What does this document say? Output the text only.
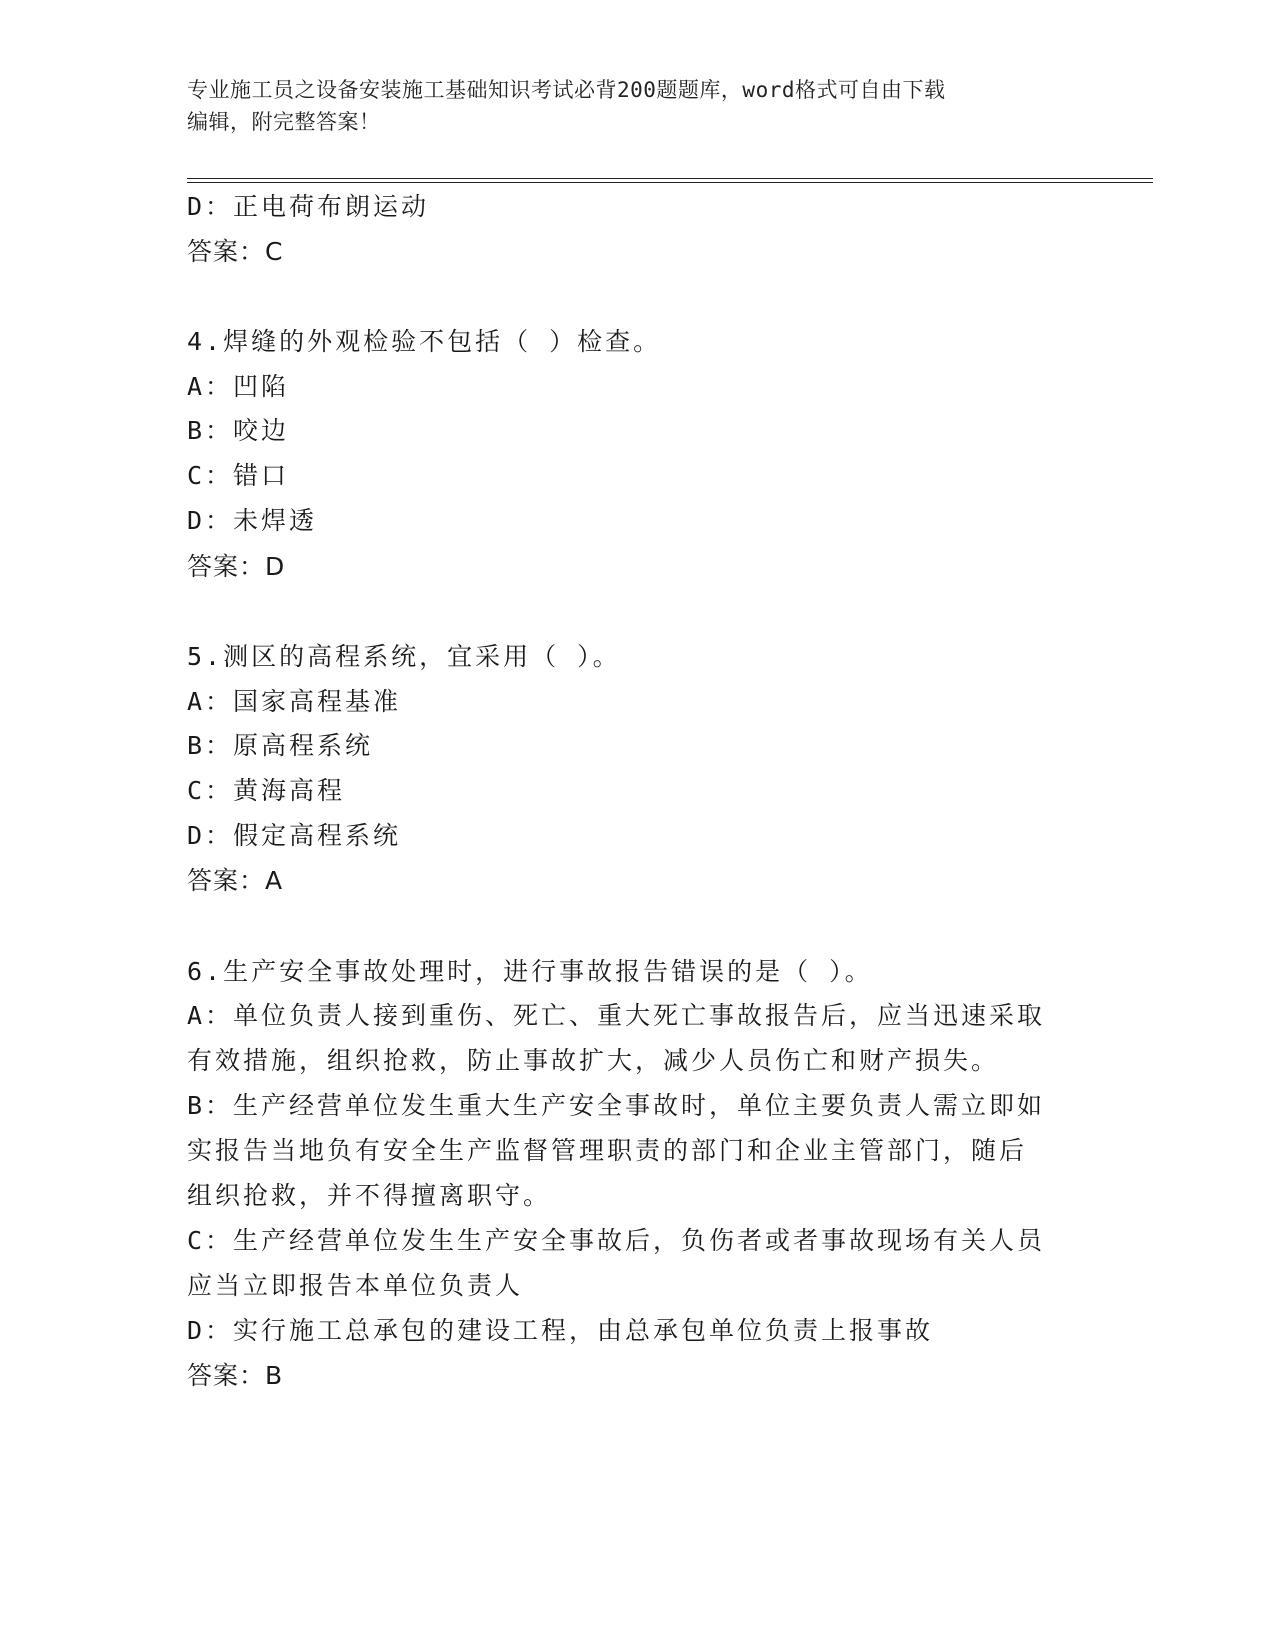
专业施工员之设备安装施工基础知识考试必背200题题库，word格式可自由下载
编辑，附完整答案！
D：正电荷布朗运动
答案：C
4.焊缝的外观检验不包括（ ）检查。
A：凹陷
B：咬边
C：错口
D：未焊透
答案：D
5.测区的高程系统，宜采用（ ）。
A：国家高程基准
B：原高程系统
C：黄海高程
D：假定高程系统
答案：A
6.生产安全事故处理时，进行事故报告错误的是（ ）。
A：单位负责人接到重伤、死亡、重大死亡事故报告后，应当迅速采取
有效措施，组织抢救，防止事故扩大，减少人员伤亡和财产损失。
B：生产经营单位发生重大生产安全事故时，单位主要负责人需立即如
实报告当地负有安全生产监督管理职责的部门和企业主管部门，随后
组织抢救，并不得擅离职守。
C：生产经营单位发生生产安全事故后，负伤者或者事故现场有关人员
应当立即报告本单位负责人
D：实行施工总承包的建设工程，由总承包单位负责上报事故
答案：B
